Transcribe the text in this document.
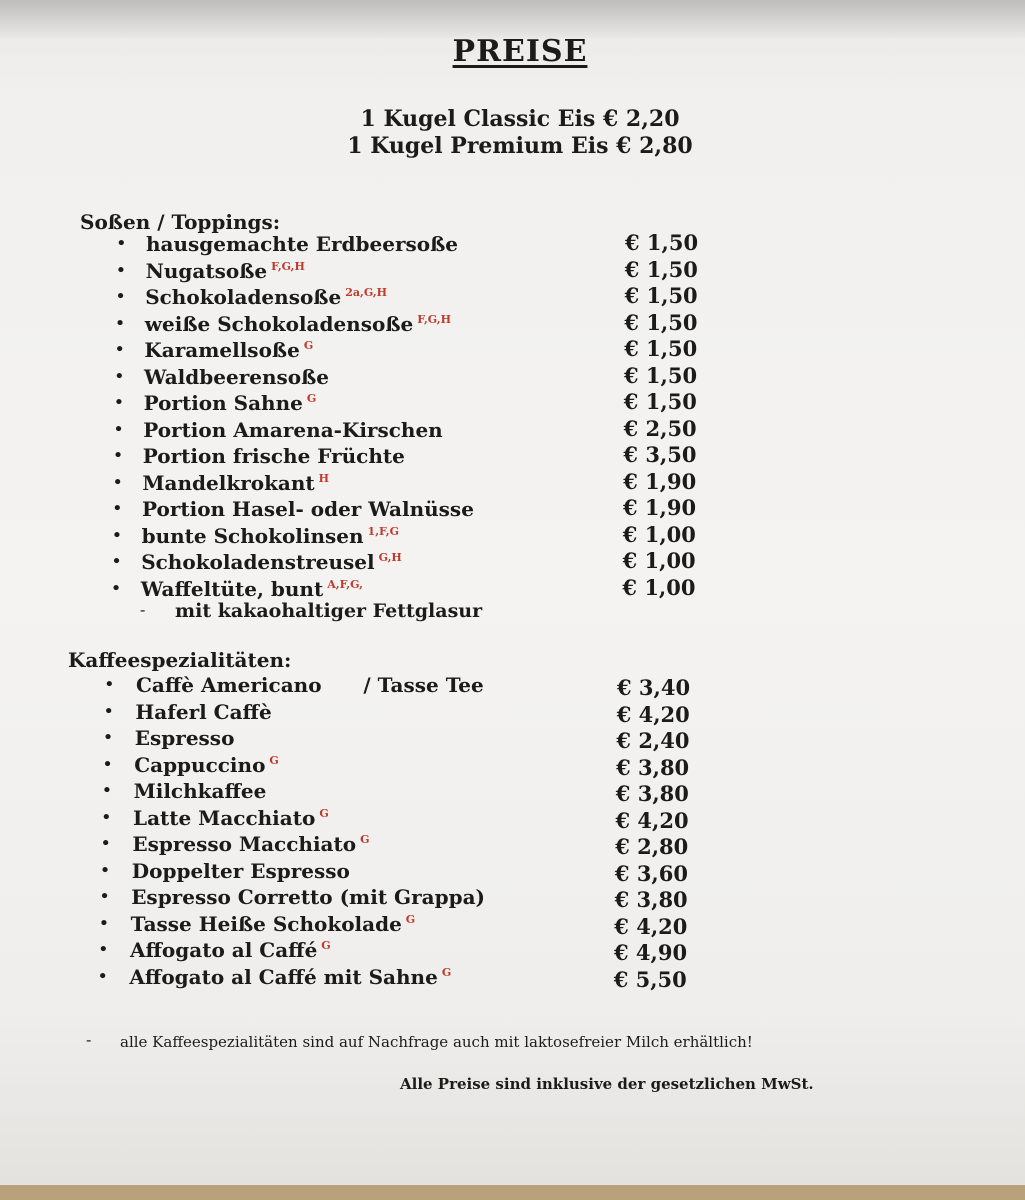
PREISE
1 Kugel Classic Eis € 2,20
1 Kugel Premium Eis € 2,80
Soßen / Toppings:
• hausgemachte Erdbeersoße	€ 1,50
• Nugatsoße $^{F,G,H}$	€ 1,50
• Schokoladensoße $^{2a,G,H}$	€ 1,50
• weiße Schokoladensoße $^{F,G,H}$	€ 1,50
• Karamellsoße $^G$	€ 1,50
• Waldbeerensoße	€ 1,50
• Portion Sahne $^G$	€ 1,50
• Portion Amarena-Kirschen	€ 2,50
• Portion frische Früchte	€ 3,50
• Mandelkrokant $^H$	€ 1,90
• Portion Hasel- oder Walnüsse	€ 1,90
• bunte Schokolinsen $^{1,F,G}$	€ 1,00
• Schokoladenstreusel $^{G,H}$	€ 1,00
• Waffeltüte, bunt $^{A,F,G,}$	€ 1,00
- mit kakaohaltiger Fettglasur
Kaffeespezialitäten:
• Caffè Americano      / Tasse Tee	€ 3,40
• Haferl Caffè	€ 4,20
• Espresso	€ 2,40
• Cappuccino $^G$	€ 3,80
• Milchkaffee	€ 3,80
• Latte Macchiato $^G$	€ 4,20
• Espresso Macchiato $^G$	€ 2,80
• Doppelter Espresso	€ 3,60
• Espresso Corretto (mit Grappa)	€ 3,80
• Tasse Heiße Schokolade $^G$	€ 4,20
• Affogato al Caffé $^G$	€ 4,90
• Affogato al Caffé mit Sahne $^G$	€ 5,50
- alle Kaffeespezialitäten sind auf Nachfrage auch mit laktosefreier Milch erhältlich!
Alle Preise sind inklusive der gesetzlichen MwSt.
